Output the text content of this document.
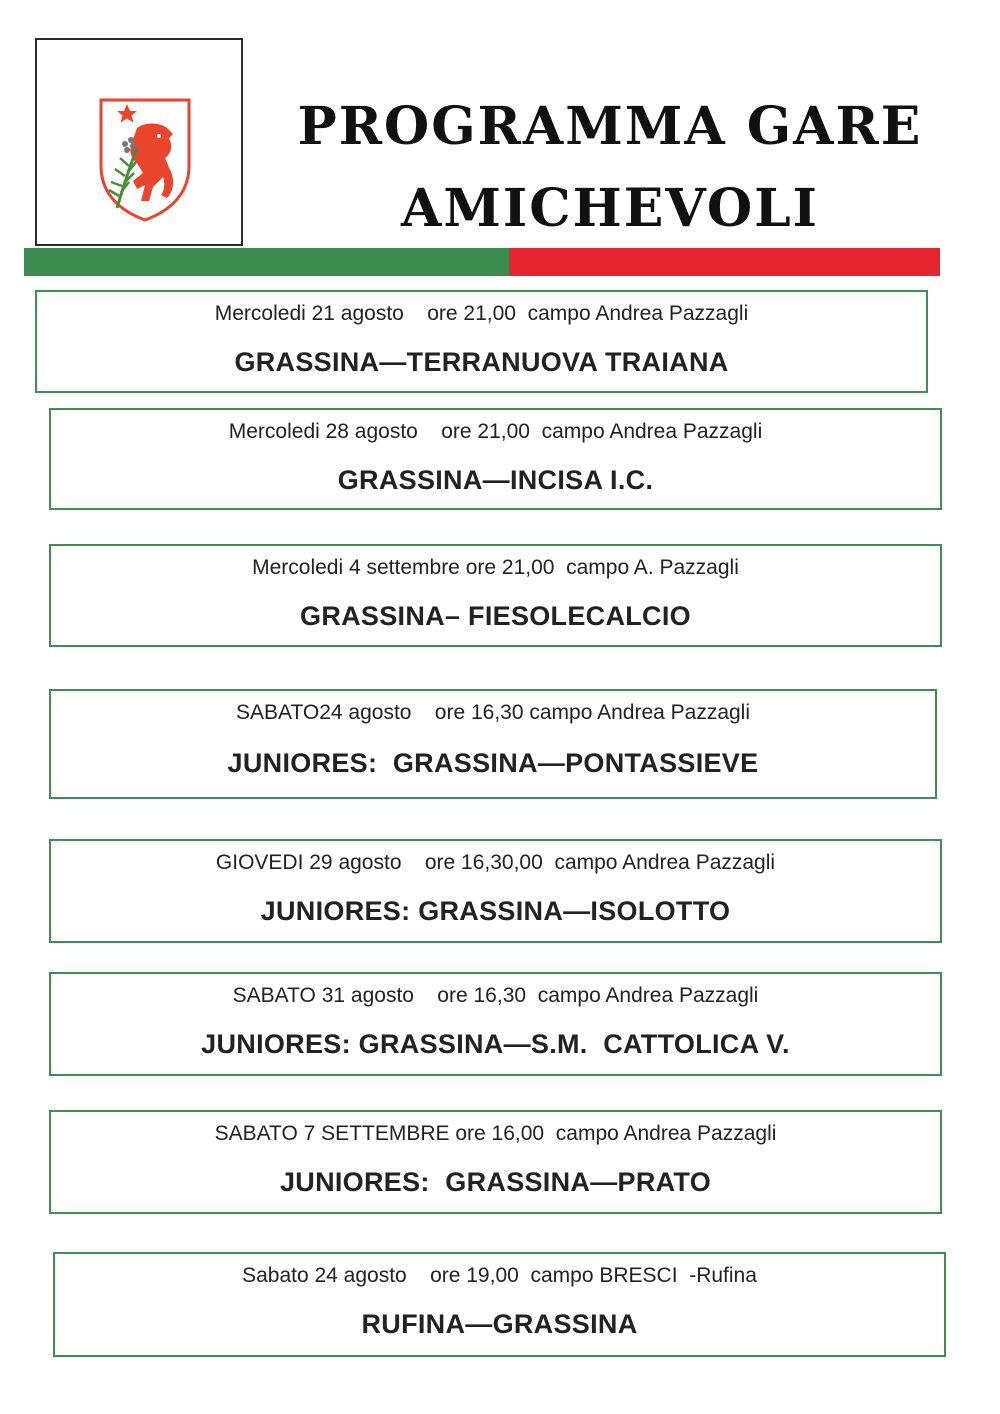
PROGRAMMA GARE
AMICHEVOLI
Mercoledi 21 agosto    ore 21,00  campo Andrea Pazzagli
GRASSINA—TERRANUOVA TRAIANA
Mercoledi 28 agosto    ore 21,00  campo Andrea Pazzagli
GRASSINA—INCISA I.C.
Mercoledi 4 settembre ore 21,00  campo A. Pazzagli
GRASSINA– FIESOLECALCIO
SABATO24 agosto    ore 16,30 campo Andrea Pazzagli
JUNIORES:  GRASSINA—PONTASSIEVE
GIOVEDI 29 agosto    ore 16,30,00  campo Andrea Pazzagli
JUNIORES: GRASSINA—ISOLOTTO
SABATO 31 agosto    ore 16,30  campo Andrea Pazzagli
JUNIORES: GRASSINA—S.M.  CATTOLICA V.
SABATO 7 SETTEMBRE ore 16,00  campo Andrea Pazzagli
JUNIORES:  GRASSINA—PRATO
Sabato 24 agosto    ore 19,00  campo BRESCI  -Rufina
RUFINA—GRASSINA
